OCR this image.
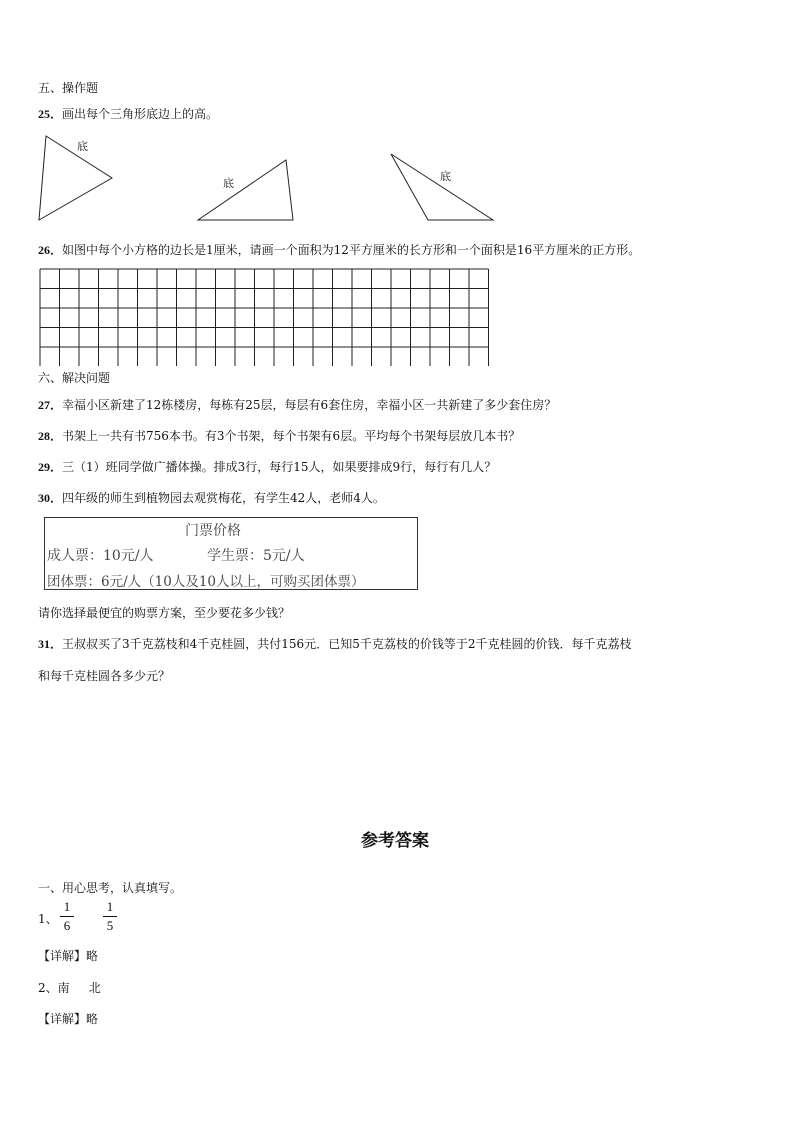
五、操作题
25．画出每个三角形底边上的高。
底
底
底
26．如图中每个小方格的边长是1厘米，请画一个面积为12平方厘米的长方形和一个面积是16平方厘米的正方形。
六、解决问题
27．幸福小区新建了12栋楼房，每栋有25层，每层有6套住房，幸福小区一共新建了多少套住房？
28．书架上一共有书756本书。有3个书架，每个书架有6层。平均每个书架每层放几本书？
29．三（1）班同学做广播体操。排成3行，每行15人，如果要排成9行，每行有几人？
30．四年级的师生到植物园去观赏梅花，有学生42人，老师4人。
门票价格
成人票：10元/人	学生票：5元/人
团体票：6元/人（10人及10人以上，可购买团体票）
请你选择最便宜的购票方案，至少要花多少钱？
31．王叔叔买了3千克荔枝和4千克桂圆，共付156元．已知5千克荔枝的价钱等于2千克桂圆的价钱．每千克荔枝
和每千克桂圆各多少元？
参考答案
一、用心思考，认真填写。
1、
1
6
1
5
【详解】略
2、南     北
【详解】略
